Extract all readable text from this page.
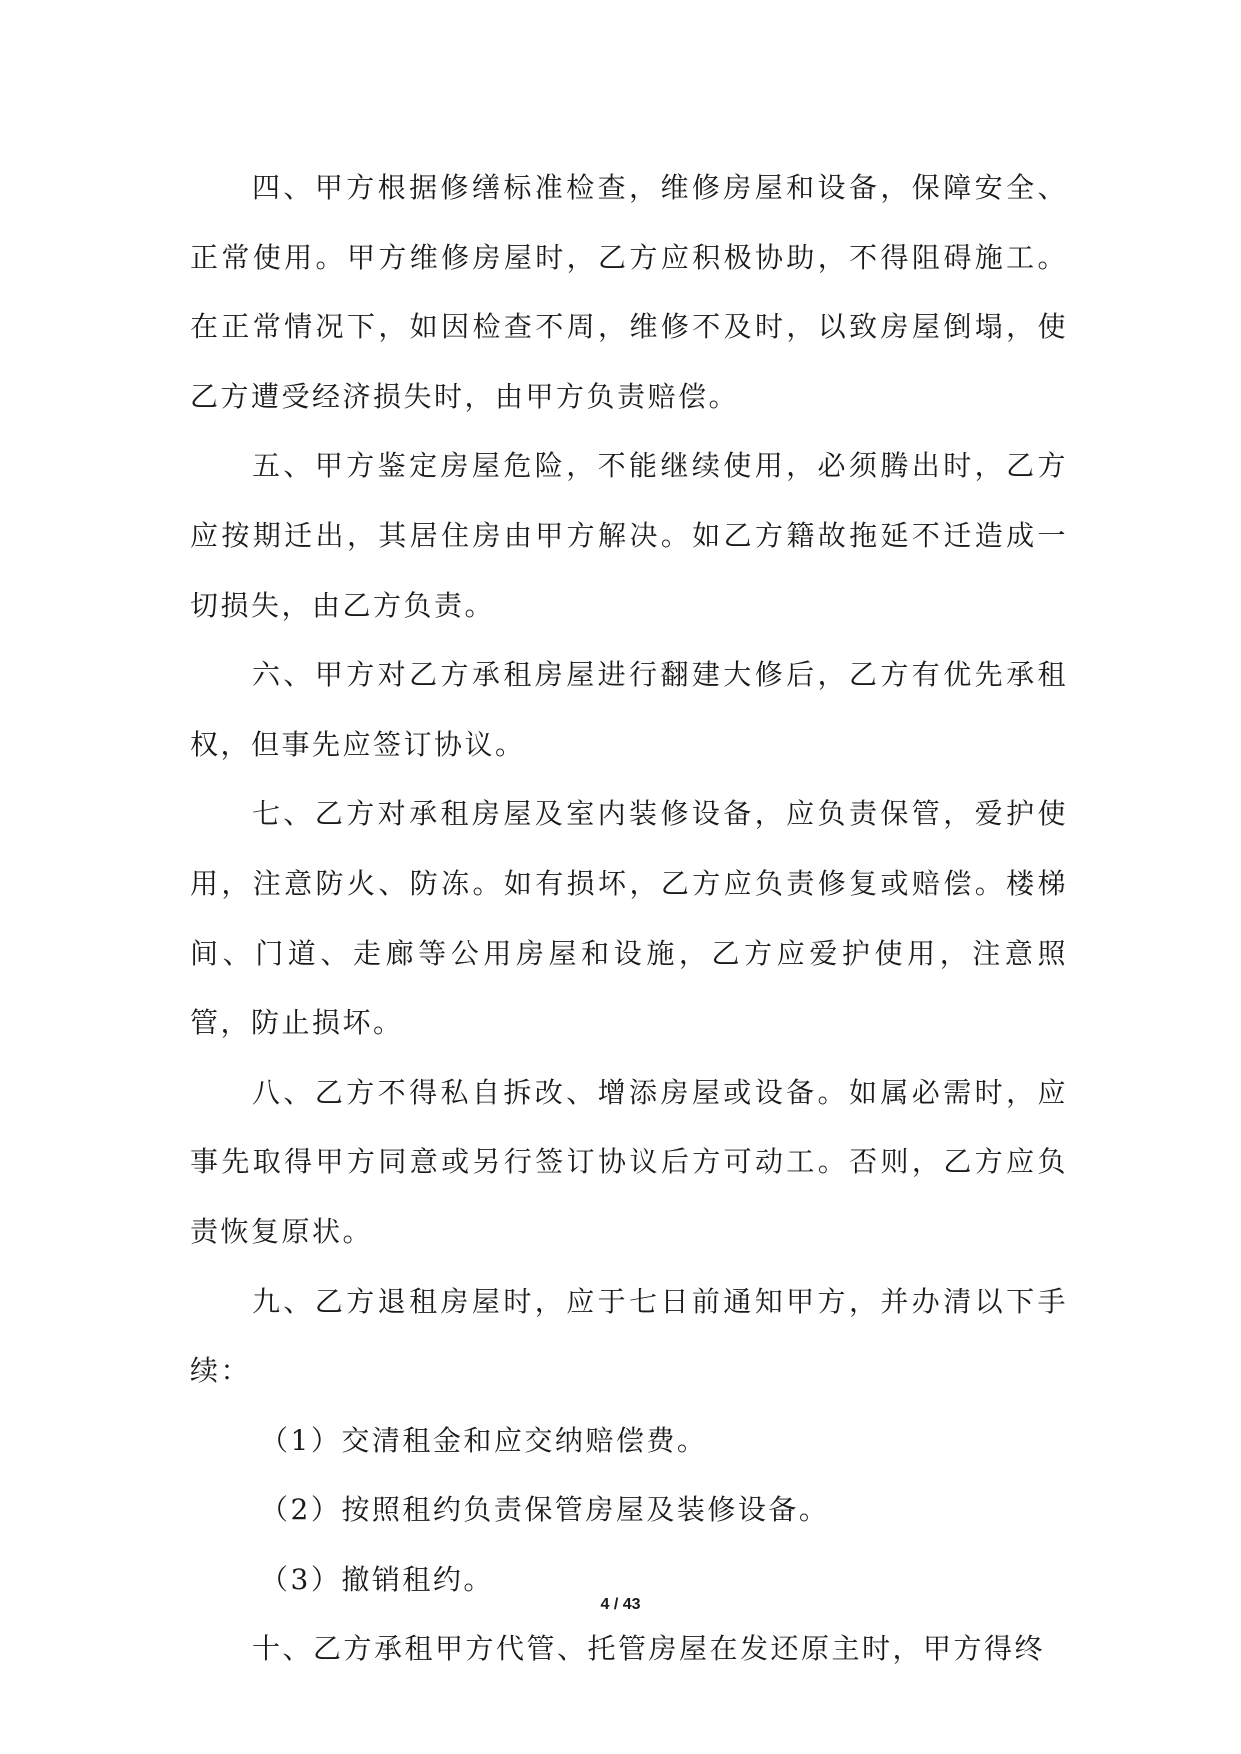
四、甲方根据修缮标准检查，维修房屋和设备，保障安全、正常使用。甲方维修房屋时，乙方应积极协助，不得阻碍施工。在正常情况下，如因检查不周，维修不及时，以致房屋倒塌，使乙方遭受经济损失时，由甲方负责赔偿。

五、甲方鉴定房屋危险，不能继续使用，必须腾出时，乙方应按期迁出，其居住房由甲方解决。如乙方籍故拖延不迁造成一切损失，由乙方负责。

六、甲方对乙方承租房屋进行翻建大修后，乙方有优先承租权，但事先应签订协议。

七、乙方对承租房屋及室内装修设备，应负责保管，爱护使用，注意防火、防冻。如有损坏，乙方应负责修复或赔偿。楼梯间、门道、走廊等公用房屋和设施，乙方应爱护使用，注意照管，防止损坏。

八、乙方不得私自拆改、增添房屋或设备。如属必需时，应事先取得甲方同意或另行签订协议后方可动工。否则，乙方应负责恢复原状。

九、乙方退租房屋时，应于七日前通知甲方，并办清以下手续：

（1）交清租金和应交纳赔偿费。

（2）按照租约负责保管房屋及装修设备。

（3）撤销租约。

十、乙方承租甲方代管、托管房屋在发还原主时，甲方得终

4 / 43
